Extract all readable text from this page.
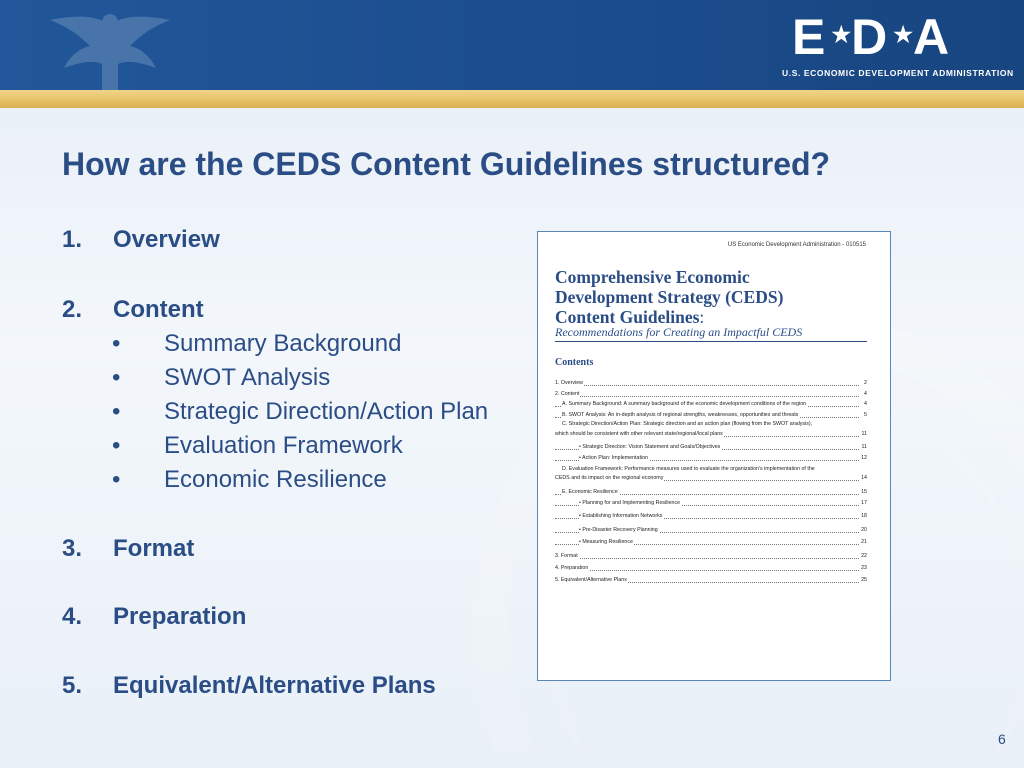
E★D★A
U.S. ECONOMIC DEVELOPMENT ADMINISTRATION
How are the CEDS Content Guidelines structured?
1.	Overview
2.	Content
• Summary Background
• SWOT Analysis
• Strategic Direction/Action Plan
• Evaluation Framework
• Economic Resilience
3.	Format
4.	Preparation
5.	Equivalent/Alternative Plans
US Economic Development Administration - 010515
Comprehensive Economic
Development Strategy (CEDS)
Content Guidelines:
Recommendations for Creating an Impactful CEDS
Contents
1. Overview	2
2. Content	4
A. Summary Background: A summary background of the economic development conditions of the region	4
B. SWOT Analysis: An in-depth analysis of regional strengths, weaknesses, opportunities and threats	5
C. Strategic Direction/Action Plan: Strategic direction and an action plan (flowing from the SWOT analysis),
which should be consistent with other relevant state/regional/local plans	11
• Strategic Direction: Vision Statement and Goals/Objectives	11
• Action Plan: Implementation	12
D. Evaluation Framework: Performance measures used to evaluate the organization's implementation of the
CEDS and its impact on the regional economy	14
E. Economic Resilience	15
• Planning for and Implementing Resilience	17
• Establishing Information Networks	18
• Pre-Disaster Recovery Planning	20
• Measuring Resilience	21
3. Format	22
4. Preparation	23
5. Equivalent/Alternative Plans	25
6
